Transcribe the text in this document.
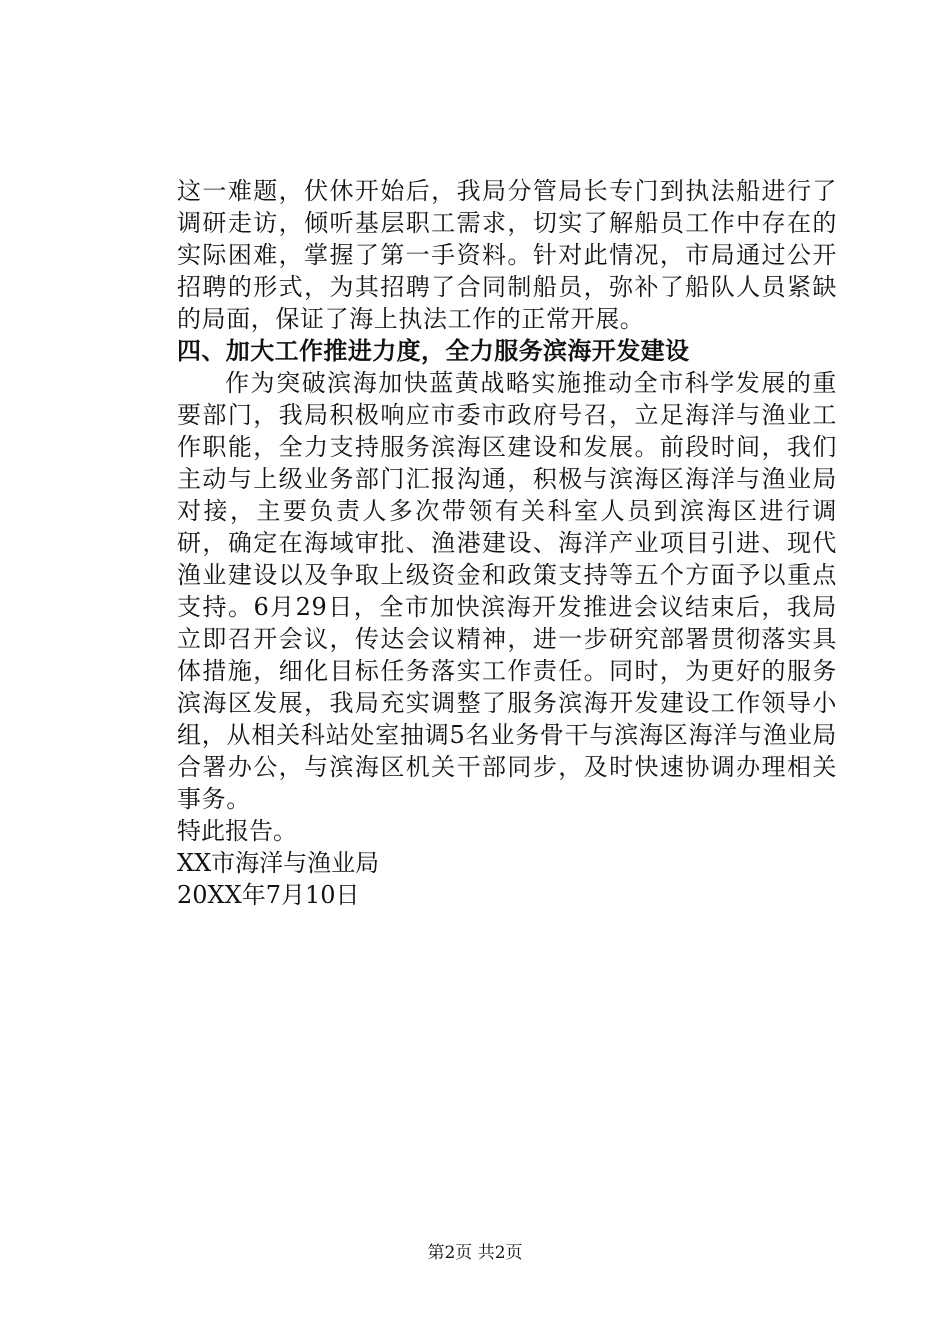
这一难题，伏休开始后，我局分管局长专门到执法船进行了调研走访，倾听基层职工需求，切实了解船员工作中存在的实际困难，掌握了第一手资料。针对此情况，市局通过公开招聘的形式，为其招聘了合同制船员，弥补了船队人员紧缺的局面，保证了海上执法工作的正常开展。

四、加大工作推进力度，全力服务滨海开发建设

作为突破滨海加快蓝黄战略实施推动全市科学发展的重要部门，我局积极响应市委市政府号召，立足海洋与渔业工作职能，全力支持服务滨海区建设和发展。前段时间，我们主动与上级业务部门汇报沟通，积极与滨海区海洋与渔业局对接，主要负责人多次带领有关科室人员到滨海区进行调研，确定在海域审批、渔港建设、海洋产业项目引进、现代渔业建设以及争取上级资金和政策支持等五个方面予以重点支持。6月29日，全市加快滨海开发推进会议结束后，我局立即召开会议，传达会议精神，进一步研究部署贯彻落实具体措施，细化目标任务落实工作责任。同时，为更好的服务滨海区发展，我局充实调整了服务滨海开发建设工作领导小组，从相关科站处室抽调5名业务骨干与滨海区海洋与渔业局合署办公，与滨海区机关干部同步，及时快速协调办理相关事务。

特此报告。

XX市海洋与渔业局

20XX年7月10日

第2页 共2页
